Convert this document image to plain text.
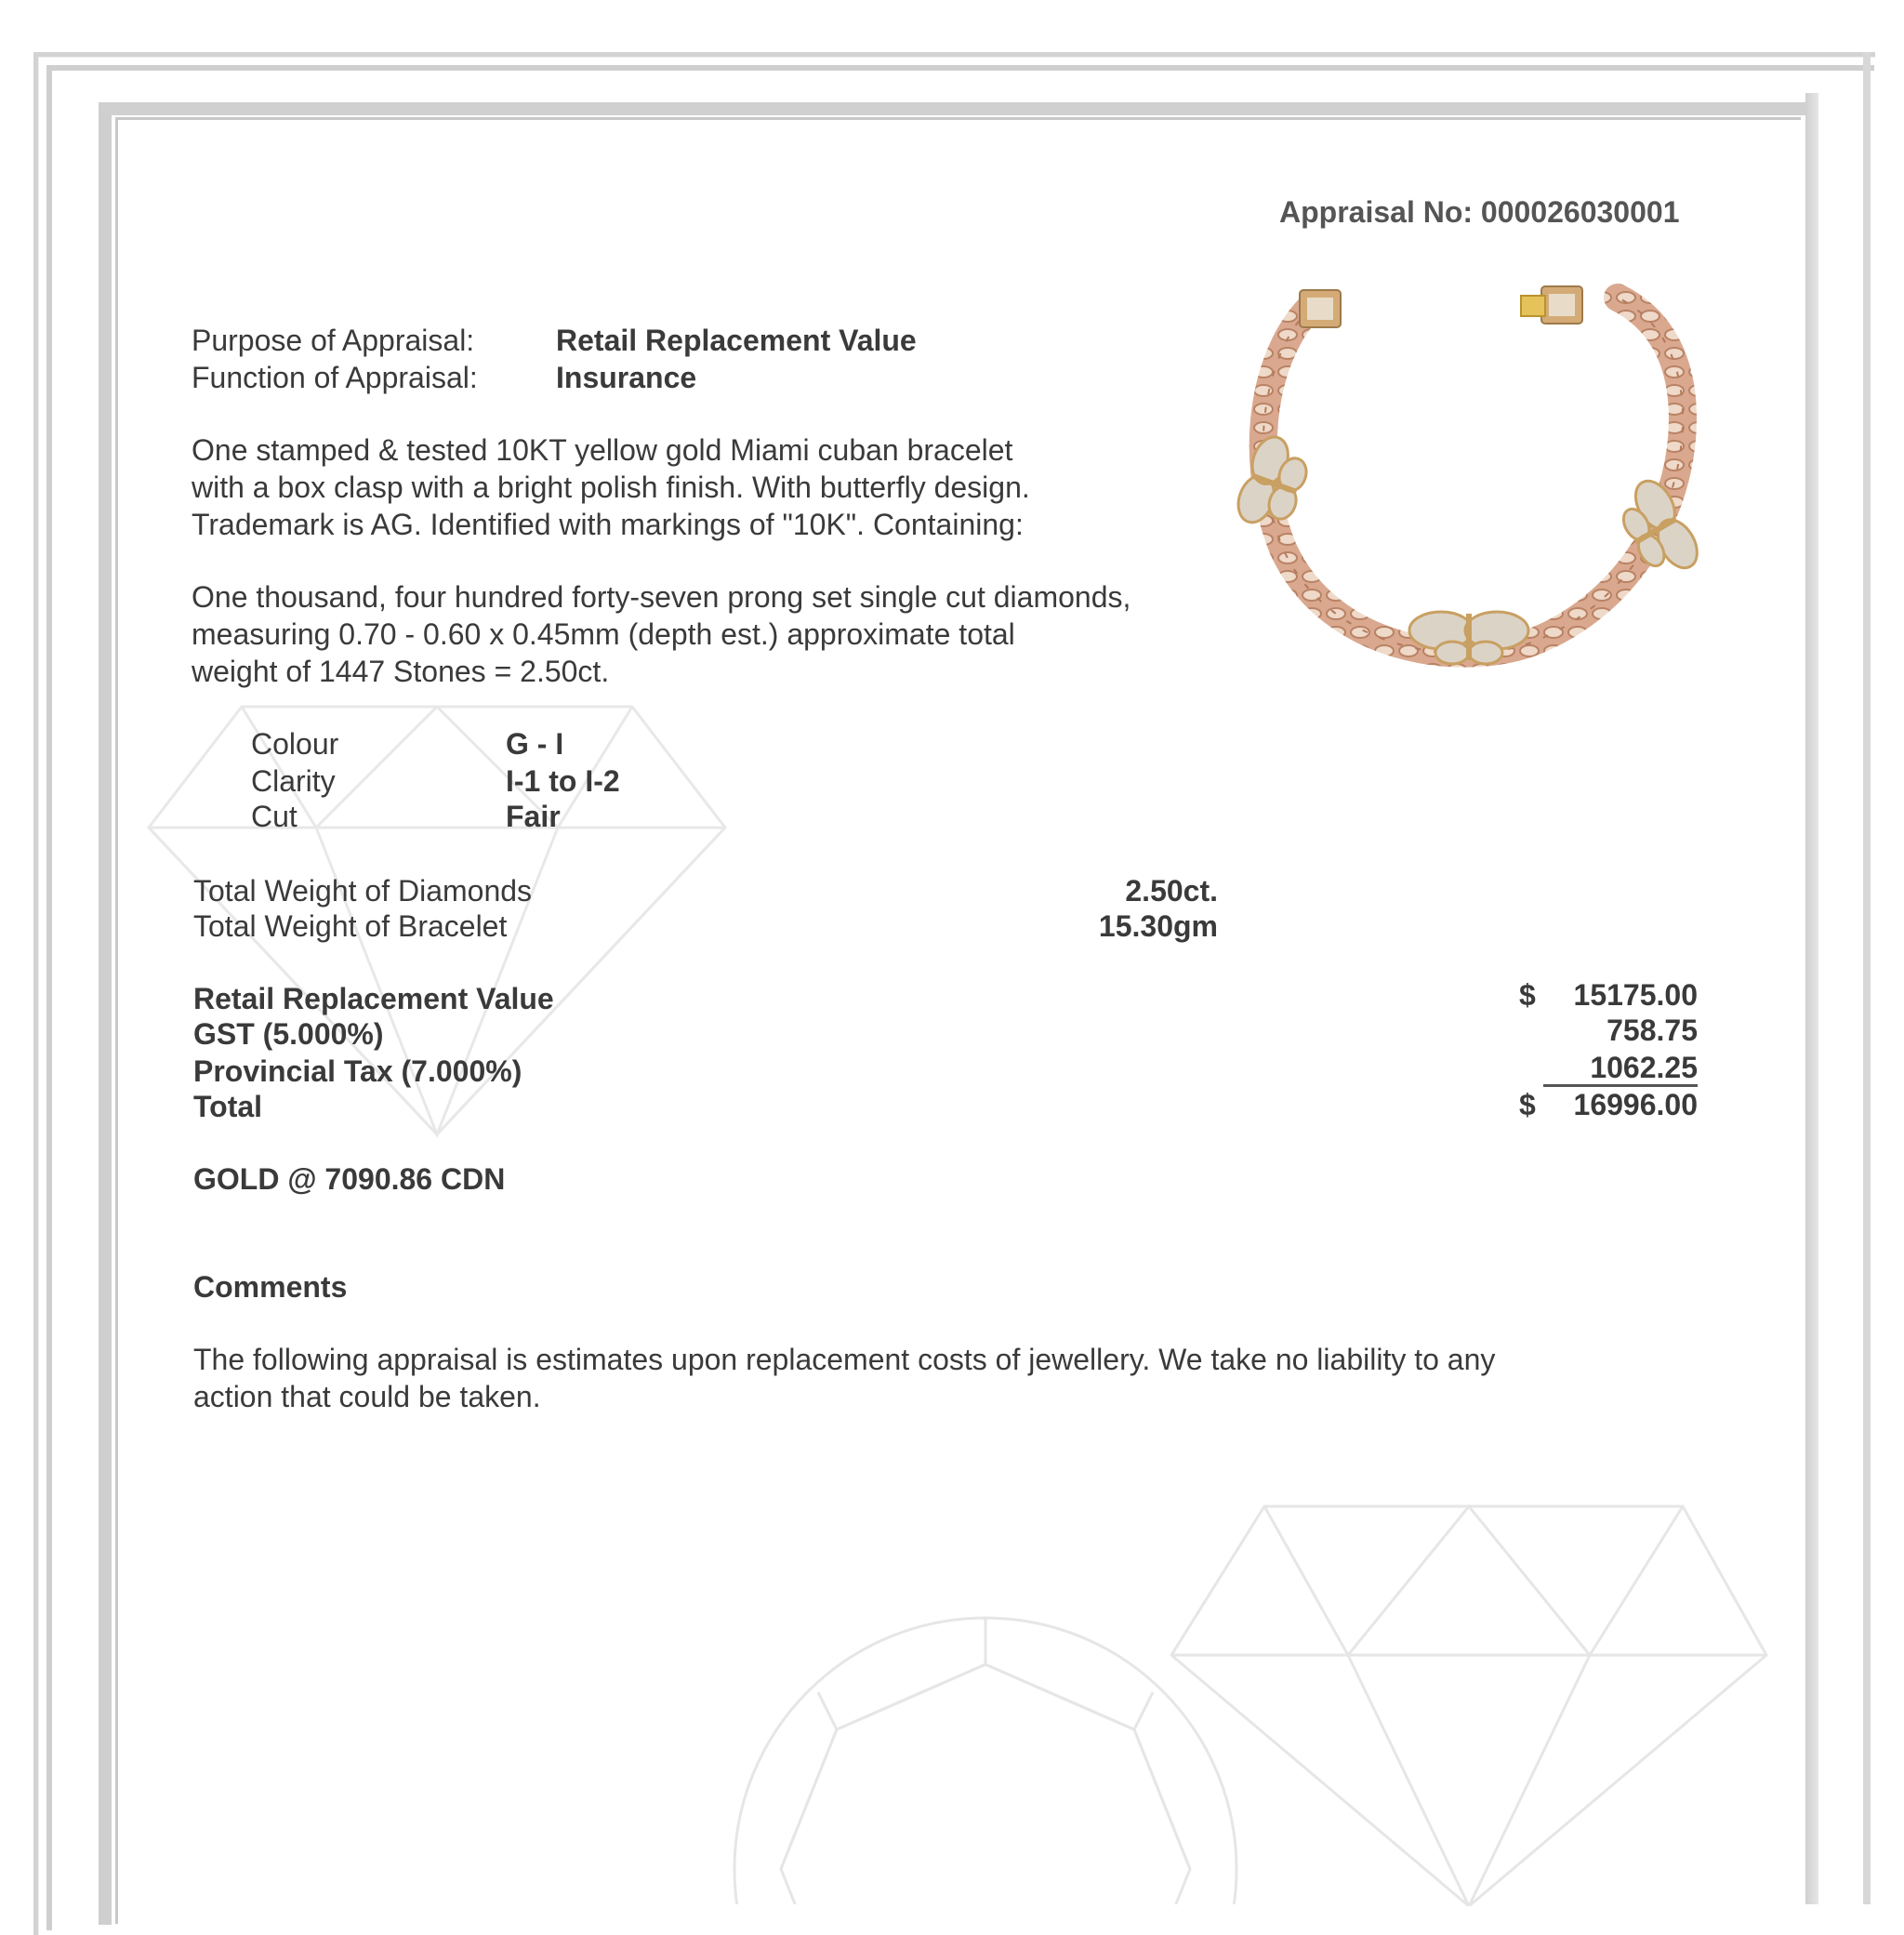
Appraisal No: 000026030001
Purpose of Appraisal:	Retail Replacement Value
Function of Appraisal:	Insurance
One stamped & tested 10KT yellow gold Miami cuban bracelet
with a box clasp with a bright polish finish. With butterfly design.
Trademark is AG. Identified with markings of "10K". Containing:
One thousand, four hundred forty-seven prong set single cut diamonds,
measuring 0.70 - 0.60 x 0.45mm (depth est.) approximate total
weight of 1447 Stones = 2.50ct.
Colour	G - I
Clarity	I-1 to I-2
Cut	Fair
Total Weight of Diamonds	2.50ct.
Total Weight of Bracelet	15.30gm
Retail Replacement Value	$	15175.00
GST (5.000%)	758.75
Provincial Tax (7.000%)	1062.25
Total	$	16996.00
GOLD @ 7090.86 CDN
Comments
The following appraisal is estimates upon replacement costs of jewellery. We take no liability to any
action that could be taken.
